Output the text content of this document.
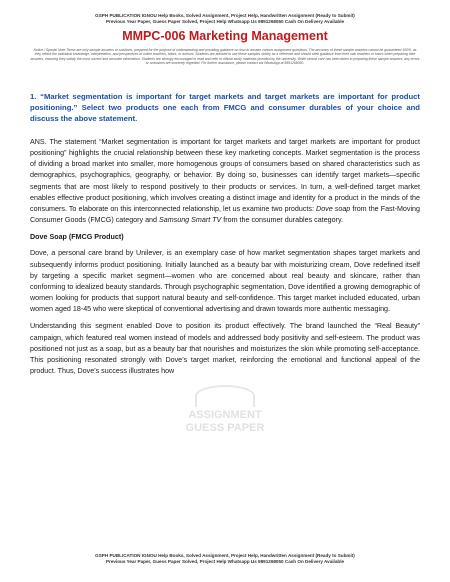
GSPH PUBLICATION IGNOU Help Books, Solved Assignment, Project Help, Handwritten Assignment (Ready to Submit)
Previous Year Paper, Guess Paper Solved, Project Help Whatsapp Us 9891268050 Cash On Delivery Available
MMPC-006 Marketing Management
Notice / Special Note:These are only sample answers or solutions, prepared for the purpose of understanding and providing guidance on how to answer various assignment questions. The accuracy of these sample answers cannot be guaranteed 100%, as they reflect the individual knowledge, interpretation, and perspectives of online teachers, tutors, or authors. Students are advised to use these samples strictly as a reference and should seek guidance from their own teachers or tutors when preparing their answers, ensuring they satisfy the most current and accurate information. Students are strongly encouraged to read and refer to official study materials provided by the university. While utmost care has been taken in preparing these sample answers, any errors or omissions are sincerely regretted. For further assistance, please contact via WhatsApp at 9891268050.
1. “Market segmentation is important for target markets and target markets are important for product positioning.” Select two products one each from FMCG and consumer durables of your choice and discuss the above statement.

ANS. The statement “Market segmentation is important for target markets and target markets are important for product positioning” highlights the crucial relationship between these key marketing concepts. Market segmentation is the process of dividing a broad market into smaller, more homogenous groups of consumers based on shared characteristics such as demographics, psychographics, geography, or behavior. By doing so, businesses can identify target markets—specific segments that are most likely to respond positively to their products or services. In turn, a well-defined target market enables effective product positioning, which involves creating a distinct image and identity for a product in the minds of the consumers. To elaborate on this interconnected relationship, let us examine two products: Dove soap from the Fast-Moving Consumer Goods (FMCG) category and Samsung Smart TV from the consumer durables category.

Dove Soap (FMCG Product)

Dove, a personal care brand by Unilever, is an exemplary case of how market segmentation shapes target markets and subsequently informs product positioning. Initially launched as a beauty bar with moisturizing cream, Dove redefined itself by targeting a specific market segment—women who are concerned about real beauty and skincare, rather than conforming to idealized beauty standards. Through psychographic segmentation, Dove identified a growing demographic of women looking for products that support natural beauty and self-confidence. This target market included educated, urban women aged 18-45 who were skeptical of conventional advertising and drawn towards more authentic messaging.

Understanding this segment enabled Dove to position its product effectively. The brand launched the “Real Beauty” campaign, which featured real women instead of models and addressed body positivity and self-esteem. The product was positioned not just as a soap, but as a beauty bar that nourishes and moisturizes the skin while promoting self-acceptance. This positioning resonated strongly with Dove’s target market, reinforcing the emotional and functional appeal of the product. Thus, Dove’s success illustrates how

ASSIGNMENT
GUESS PAPER
GSPH PUBLICATION IGNOU Help Books, Solved Assignment, Project Help, Handwritten Assignment (Ready to Submit)
Previous Year Paper, Guess Paper Solved, Project Help Whatsapp Us 9891268050 Cash On Delivery Available
